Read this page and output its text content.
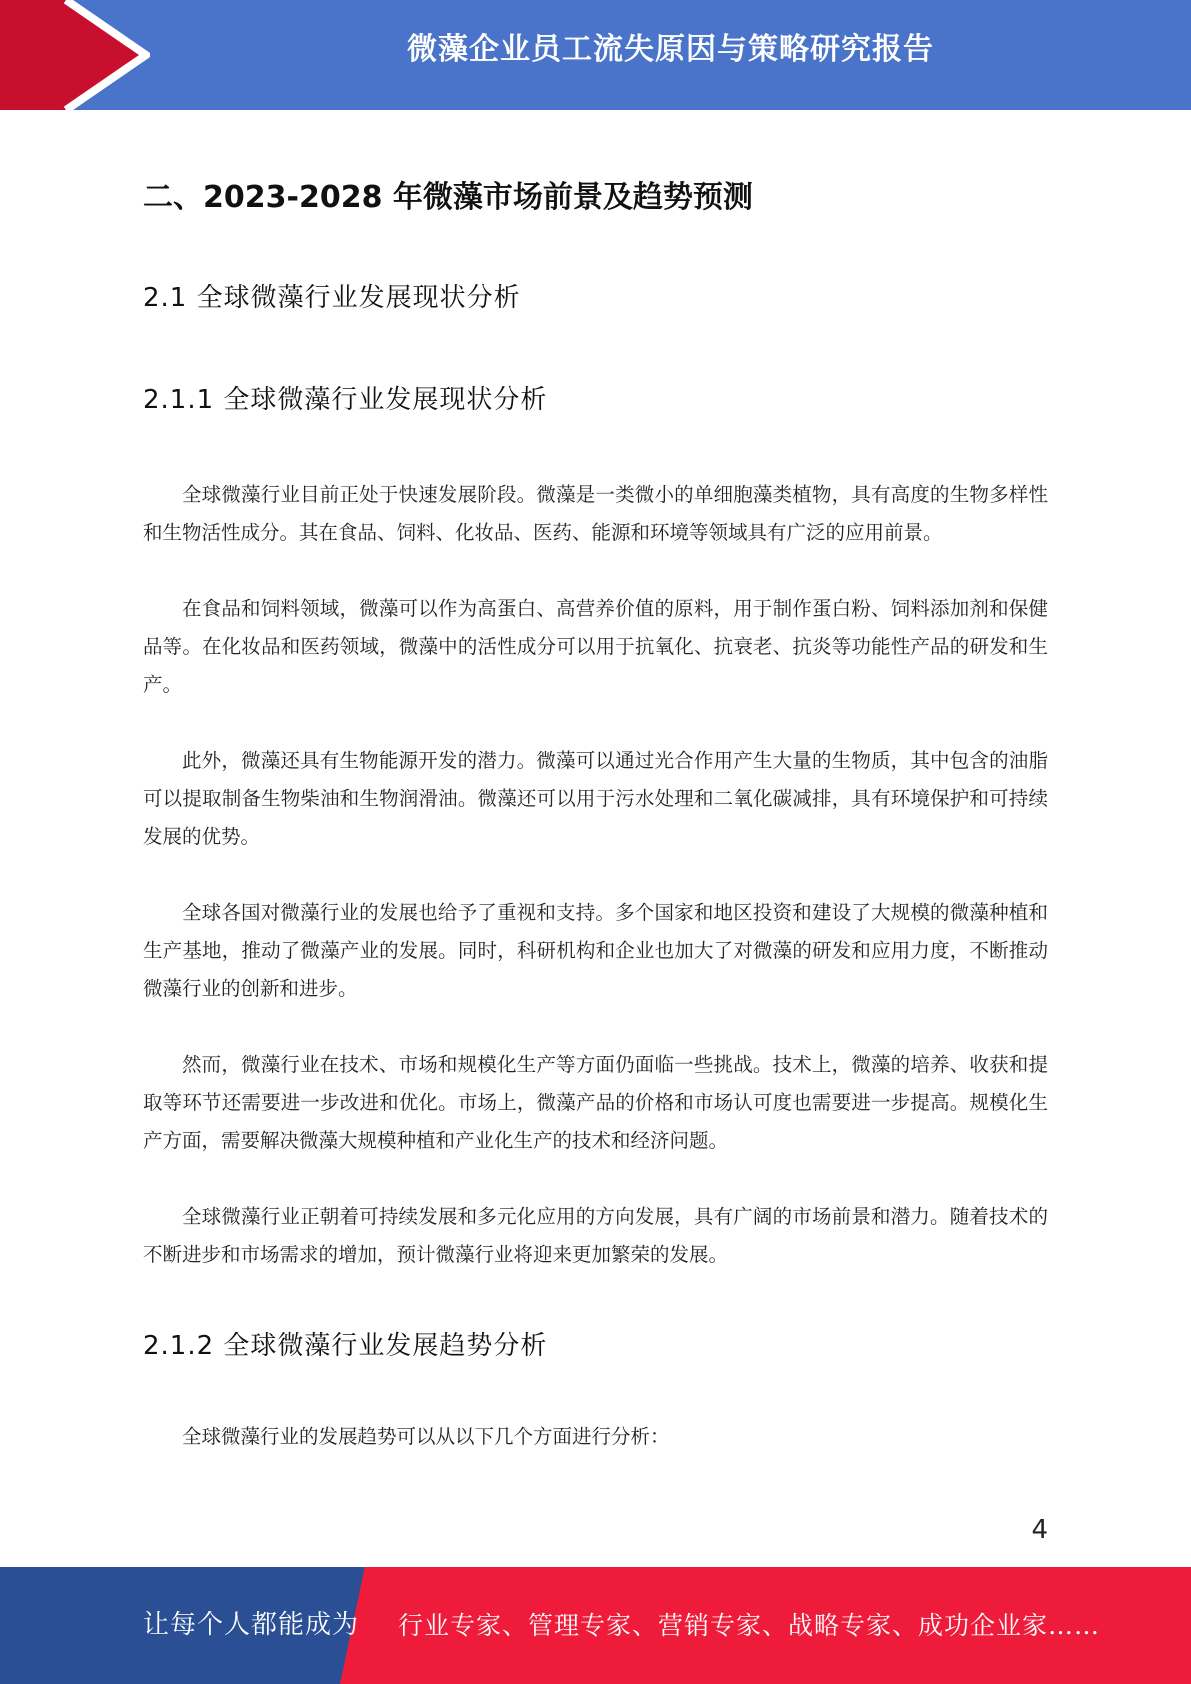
微藻企业员工流失原因与策略研究报告
二、2023-2028 年微藻市场前景及趋势预测
2.1 全球微藻行业发展现状分析
2.1.1 全球微藻行业发展现状分析

全球微藻行业目前正处于快速发展阶段。微藻是一类微小的单细胞藻类植物，具有高度的生物多样性和生物活性成分。其在食品、饲料、化妆品、医药、能源和环境等领域具有广泛的应用前景。

在食品和饲料领域，微藻可以作为高蛋白、高营养价值的原料，用于制作蛋白粉、饲料添加剂和保健品等。在化妆品和医药领域，微藻中的活性成分可以用于抗氧化、抗衰老、抗炎等功能性产品的研发和生产。

此外，微藻还具有生物能源开发的潜力。微藻可以通过光合作用产生大量的生物质，其中包含的油脂可以提取制备生物柴油和生物润滑油。微藻还可以用于污水处理和二氧化碳减排，具有环境保护和可持续发展的优势。

全球各国对微藻行业的发展也给予了重视和支持。多个国家和地区投资和建设了大规模的微藻种植和生产基地，推动了微藻产业的发展。同时，科研机构和企业也加大了对微藻的研发和应用力度，不断推动微藻行业的创新和进步。

然而，微藻行业在技术、市场和规模化生产等方面仍面临一些挑战。技术上，微藻的培养、收获和提取等环节还需要进一步改进和优化。市场上，微藻产品的价格和市场认可度也需要进一步提高。规模化生产方面，需要解决微藻大规模种植和产业化生产的技术和经济问题。

全球微藻行业正朝着可持续发展和多元化应用的方向发展，具有广阔的市场前景和潜力。随着技术的不断进步和市场需求的增加，预计微藻行业将迎来更加繁荣的发展。

2.1.2 全球微藻行业发展趋势分析

全球微藻行业的发展趋势可以从以下几个方面进行分析：

4
让每个人都能成为 行业专家、管理专家、营销专家、战略专家、成功企业家……
